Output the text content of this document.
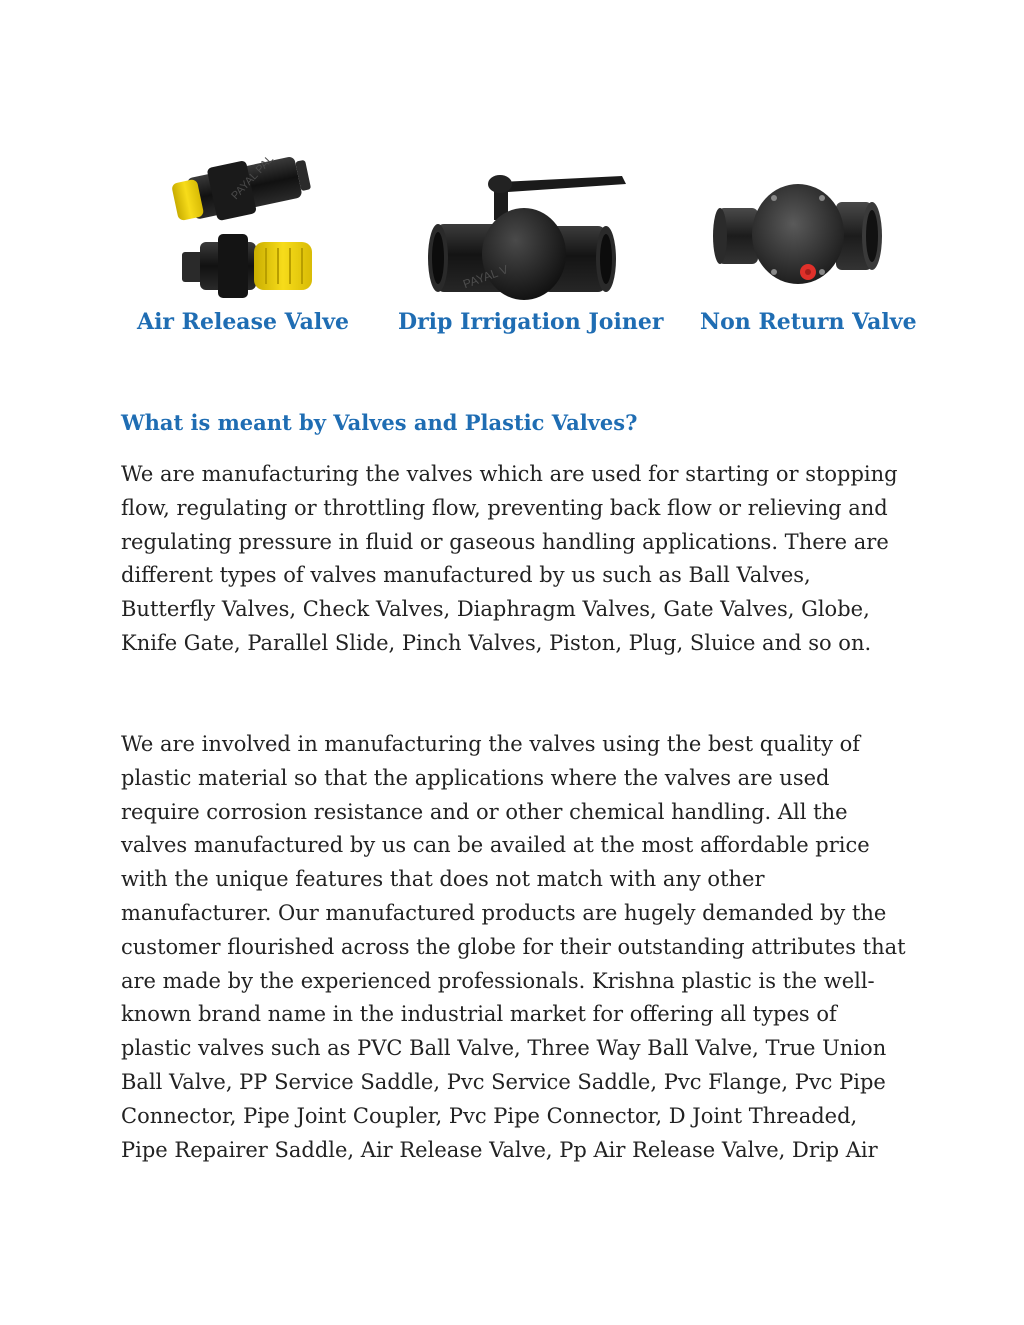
PAYAL PAL
Air Release Valve
PAYAL V
Drip Irrigation Joiner Non Return Valve
What is meant by Valves and Plastic Valves?

We are manufacturing the valves which are used for starting or stopping
flow, regulating or throttling flow, preventing back flow or relieving and
regulating pressure in fluid or gaseous handling applications. There are
different types of valves manufactured by us such as Ball Valves,
Butterfly Valves, Check Valves, Diaphragm Valves, Gate Valves, Globe,
Knife Gate, Parallel Slide, Pinch Valves, Piston, Plug, Sluice and so on.

We are involved in manufacturing the valves using the best quality of
plastic material so that the applications where the valves are used
require corrosion resistance and or other chemical handling. All the
valves manufactured by us can be availed at the most affordable price
with the unique features that does not match with any other
manufacturer. Our manufactured products are hugely demanded by the
customer flourished across the globe for their outstanding attributes that
are made by the experienced professionals. Krishna plastic is the well-
known brand name in the industrial market for offering all types of
plastic valves such as PVC Ball Valve, Three Way Ball Valve, True Union
Ball Valve, PP Service Saddle, Pvc Service Saddle, Pvc Flange, Pvc Pipe
Connector, Pipe Joint Coupler, Pvc Pipe Connector, D Joint Threaded,
Pipe Repairer Saddle, Air Release Valve, Pp Air Release Valve, Drip Air
